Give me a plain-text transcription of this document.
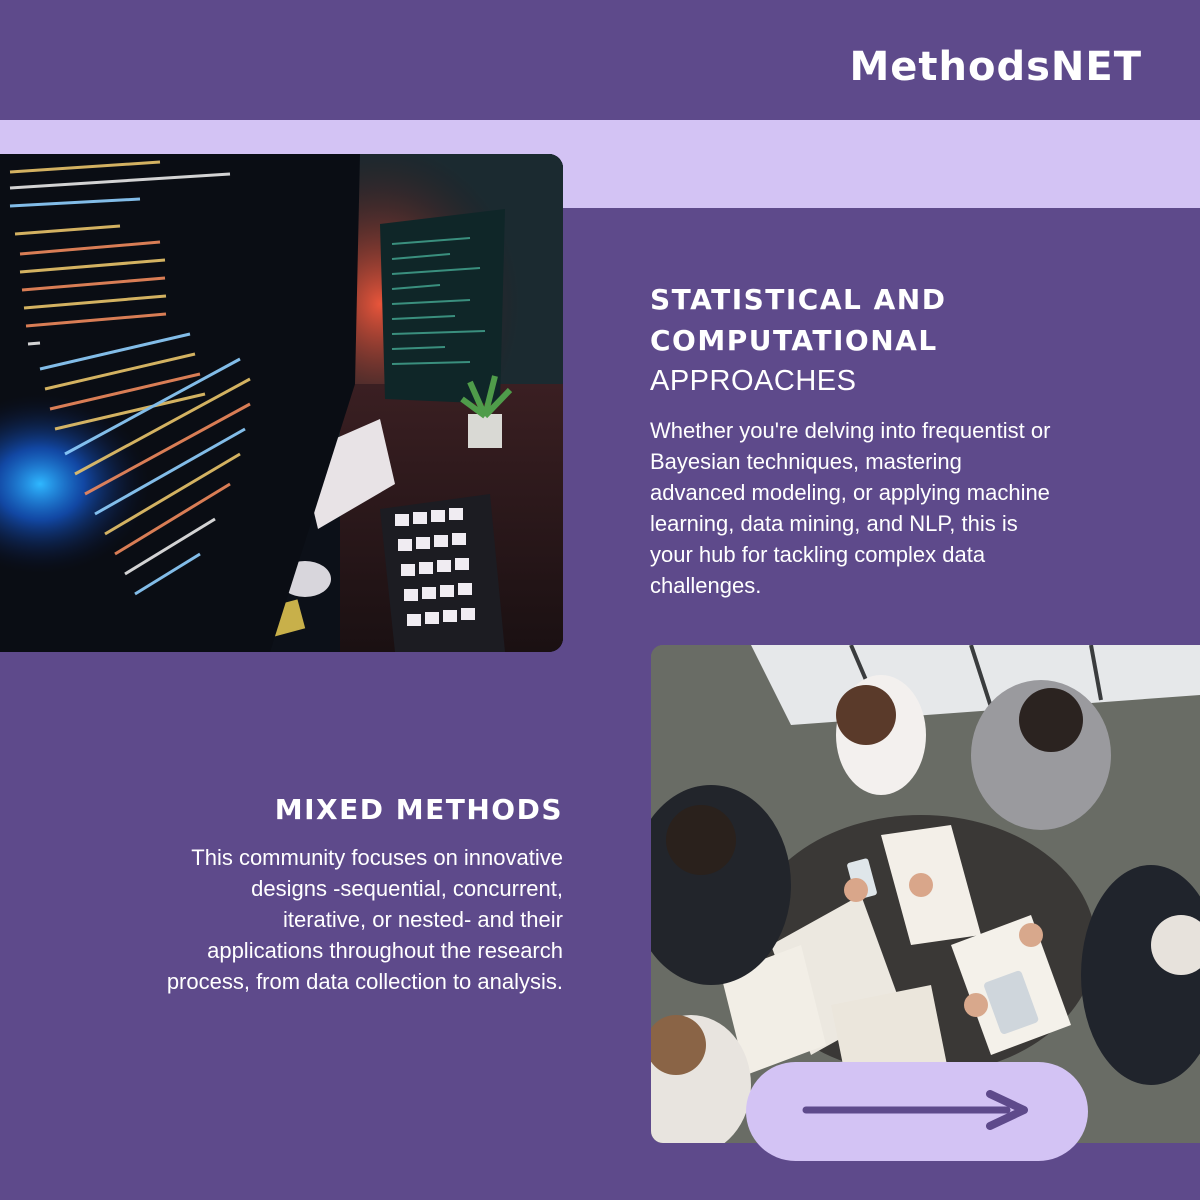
MethodsNET
STATISTICAL AND
COMPUTATIONAL
APPROACHES

Whether you're delving into frequentist or Bayesian techniques, mastering advanced modeling, or applying machine learning, data mining, and NLP, this is your hub for tackling complex data challenges.

MIXED METHODS

This community focuses on innovative designs -sequential, concurrent, iterative, or nested- and their applications throughout the research process, from data collection to analysis.
